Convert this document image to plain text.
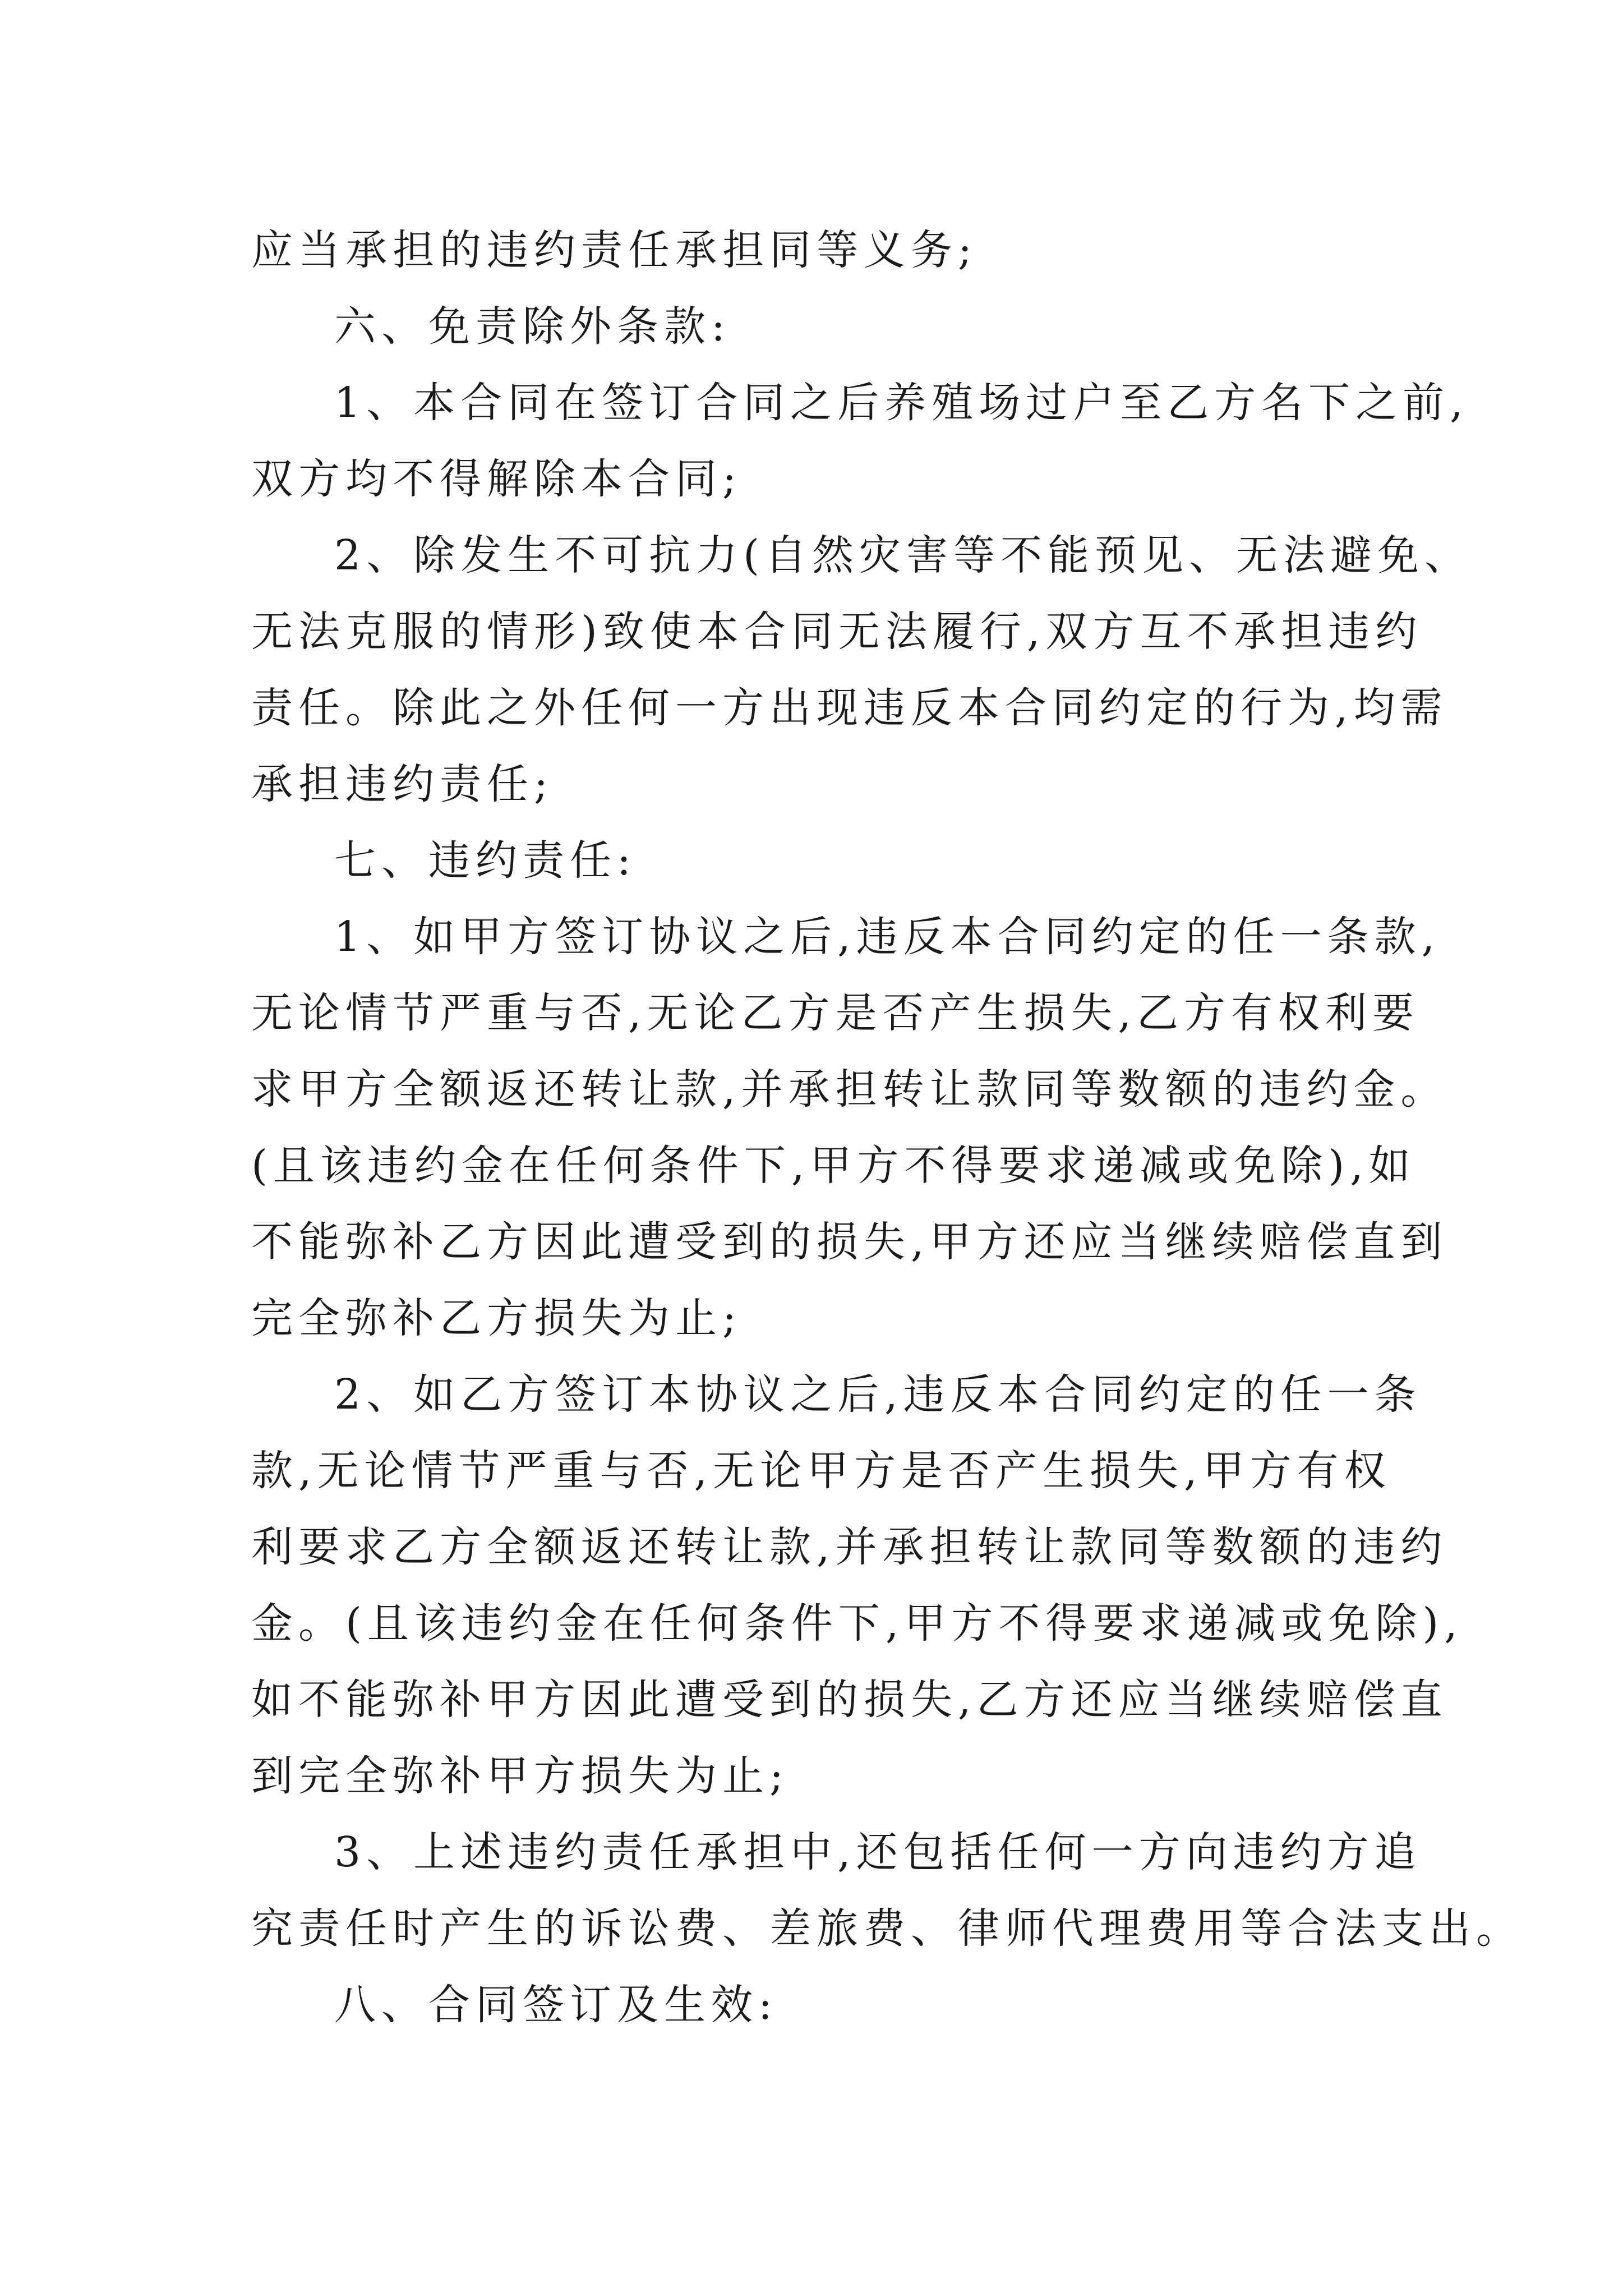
应当承担的违约责任承担同等义务;
六、免责除外条款:
1、本合同在签订合同之后养殖场过户至乙方名下之前,
双方均不得解除本合同;
2、除发生不可抗力(自然灾害等不能预见、无法避免、
无法克服的情形)致使本合同无法履行,双方互不承担违约
责任。除此之外任何一方出现违反本合同约定的行为,均需
承担违约责任;
七、违约责任:
1、如甲方签订协议之后,违反本合同约定的任一条款,
无论情节严重与否,无论乙方是否产生损失,乙方有权利要
求甲方全额返还转让款,并承担转让款同等数额的违约金。
(且该违约金在任何条件下,甲方不得要求递减或免除),如
不能弥补乙方因此遭受到的损失,甲方还应当继续赔偿直到
完全弥补乙方损失为止;
2、如乙方签订本协议之后,违反本合同约定的任一条
款,无论情节严重与否,无论甲方是否产生损失,甲方有权
利要求乙方全额返还转让款,并承担转让款同等数额的违约
金。(且该违约金在任何条件下,甲方不得要求递减或免除),
如不能弥补甲方因此遭受到的损失,乙方还应当继续赔偿直
到完全弥补甲方损失为止;
3、上述违约责任承担中,还包括任何一方向违约方追
究责任时产生的诉讼费、差旅费、律师代理费用等合法支出。
八、合同签订及生效:
